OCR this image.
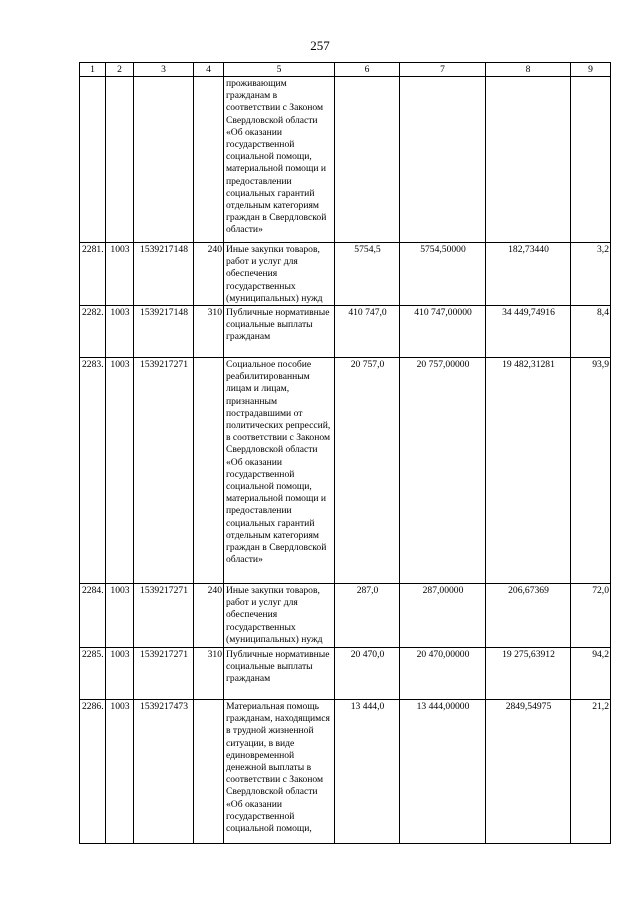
257
1	2	3	4	5	6	7	8	9
				проживающим гражданам в соответствии с Законом Свердловской области «Об оказании государственной социальной помощи, материальной помощи и предоставлении социальных гарантий отдельным категориям граждан в Свердловской области»				
2281.	1003	1539217148	240	Иные закупки товаров, работ и услуг для обеспечения государственных (муниципальных) нужд	5754,5	5754,50000	182,73440	3,2
2282.	1003	1539217148	310	Публичные нормативные социальные выплаты гражданам	410 747,0	410 747,00000	34 449,74916	8,4
2283.	1003	1539217271		Социальное пособие реабилитированным лицам и лицам, признанным пострадавшими от политических репрессий, в соответствии с Законом Свердловской области «Об оказании государственной социальной помощи, материальной помощи и предоставлении социальных гарантий отдельным категориям граждан в Свердловской области»	20 757,0	20 757,00000	19 482,31281	93,9
2284.	1003	1539217271	240	Иные закупки товаров, работ и услуг для обеспечения государственных (муниципальных) нужд	287,0	287,00000	206,67369	72,0
2285.	1003	1539217271	310	Публичные нормативные социальные выплаты гражданам	20 470,0	20 470,00000	19 275,63912	94,2
2286.	1003	1539217473		Материальная помощь гражданам, находящимся в трудной жизненной ситуации, в виде единовременной денежной выплаты в соответствии с Законом Свердловской области «Об оказании государственной социальной помощи,	13 444,0	13 444,00000	2849,54975	21,2
